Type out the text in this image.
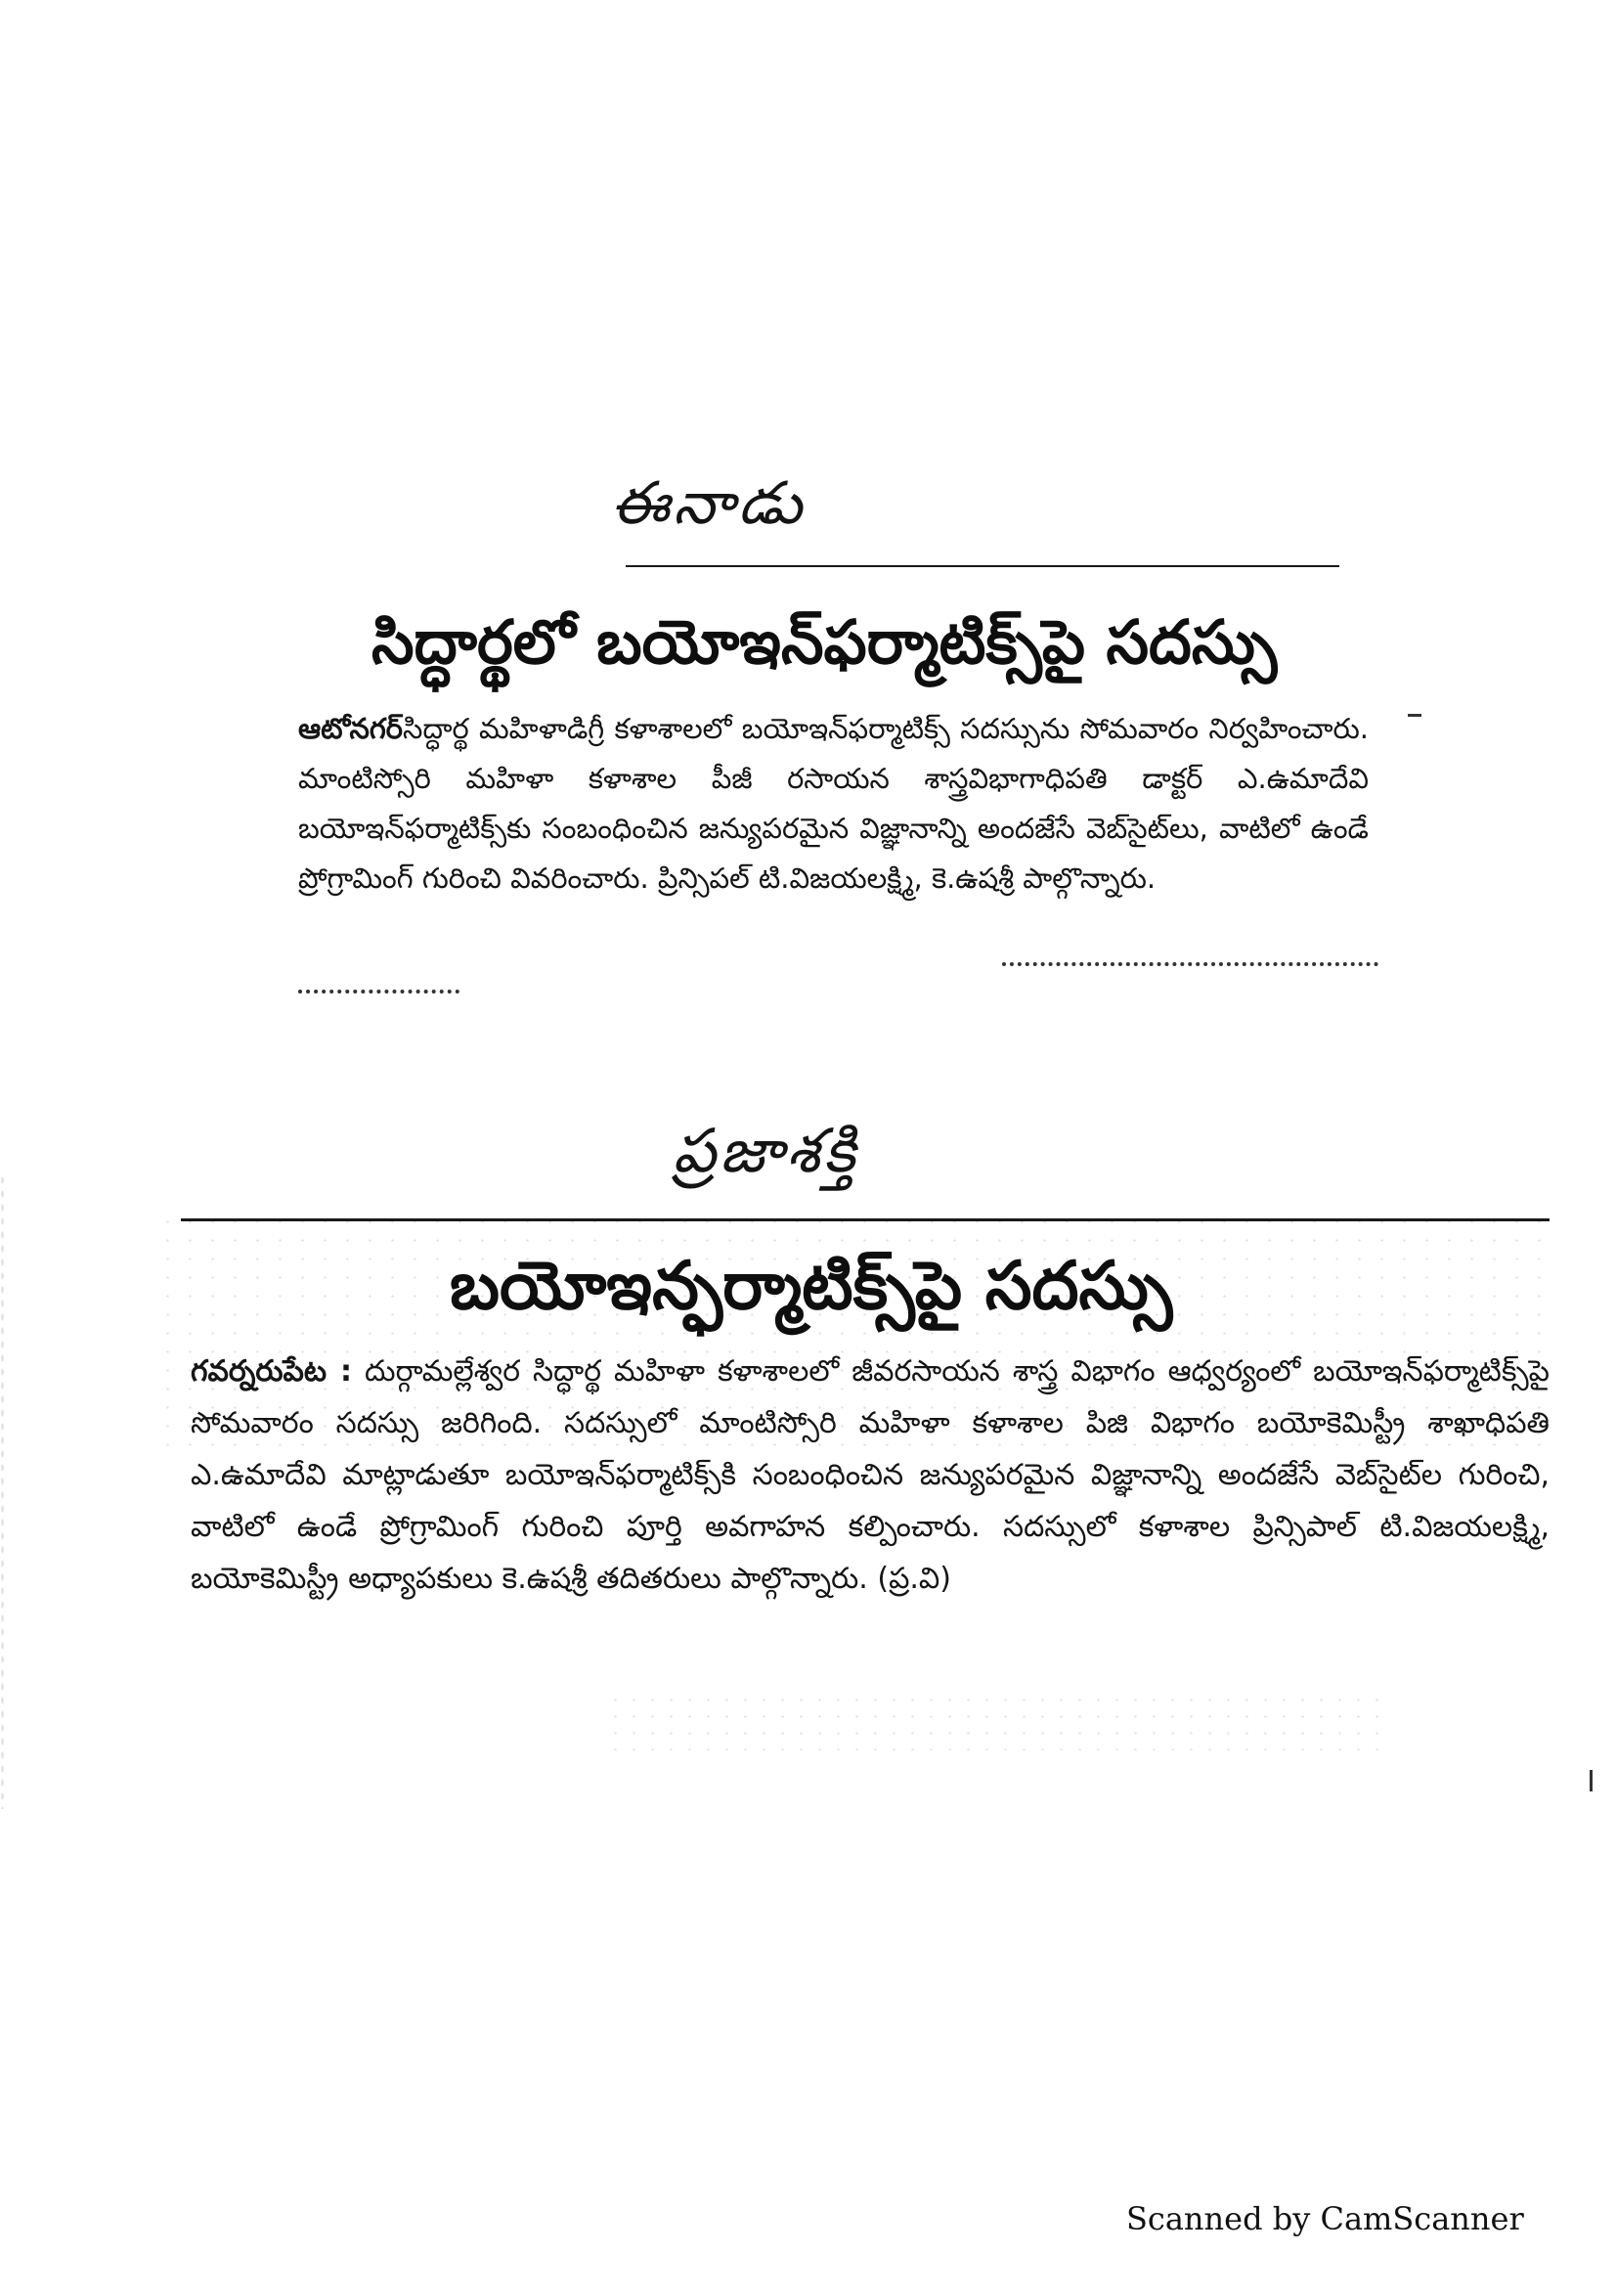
ఈనాడు
సిద్ధార్థలో బయోఇన్‌ఫర్మాటిక్స్‌పై సదస్సు
ఆటోనగర్‌సిద్ధార్థ మహిళాడిగ్రీ కళాశాలలో బయోఇన్‌ఫర్మాటిక్స్‌ సదస్సును సోమవారం నిర్వహించారు. మాంటిస్సోరి మహిళా కళాశాల పీజీ రసాయన శాస్త్రవిభాగాధిపతి డాక్టర్‌ ఎ.ఉమాదేవి బయోఇన్‌ఫర్మాటిక్స్‌కు సంబంధించిన జన్యుపరమైన విజ్ఞానాన్ని అందజేసే వెబ్‌సైట్‌లు, వాటిలో ఉండే ప్రోగ్రామింగ్‌ గురించి వివరించారు. ప్రిన్సిపల్‌ టి.విజయలక్ష్మి, కె.ఉషశ్రీ పాల్గొన్నారు.
ప్రజాశక్తి
బయోఇన్ఫర్మాటిక్స్‌పై సదస్సు
గవర్నరుపేట : దుర్గామల్లేశ్వర సిద్ధార్థ మహిళా కళాశాలలో జీవరసాయన శాస్త్ర విభాగం ఆధ్వర్యంలో బయోఇన్‌ఫర్మాటిక్స్‌పై సోమవారం సదస్సు జరిగింది. సదస్సులో మాంటిస్సోరి మహిళా కళాశాల పిజి విభాగం బయోకెమిస్ట్రీ శాఖాధిపతి ఎ.ఉమాదేవి మాట్లాడుతూ బయోఇన్‌ఫర్మాటిక్స్‌కి సంబంధించిన జన్యుపరమైన విజ్ఞానాన్ని అందజేసే వెబ్‌సైట్‌ల గురించి, వాటిలో ఉండే ప్రోగ్రామింగ్‌ గురించి పూర్తి అవగాహన కల్పించారు. సదస్సులో కళాశాల ప్రిన్సిపాల్‌ టి.విజయలక్ష్మి, బయోకెమిస్ట్రీ అధ్యాపకులు కె.ఉషశ్రీ తదితరులు పాల్గొన్నారు. (ప్ర.వి)
Scanned by CamScanner
